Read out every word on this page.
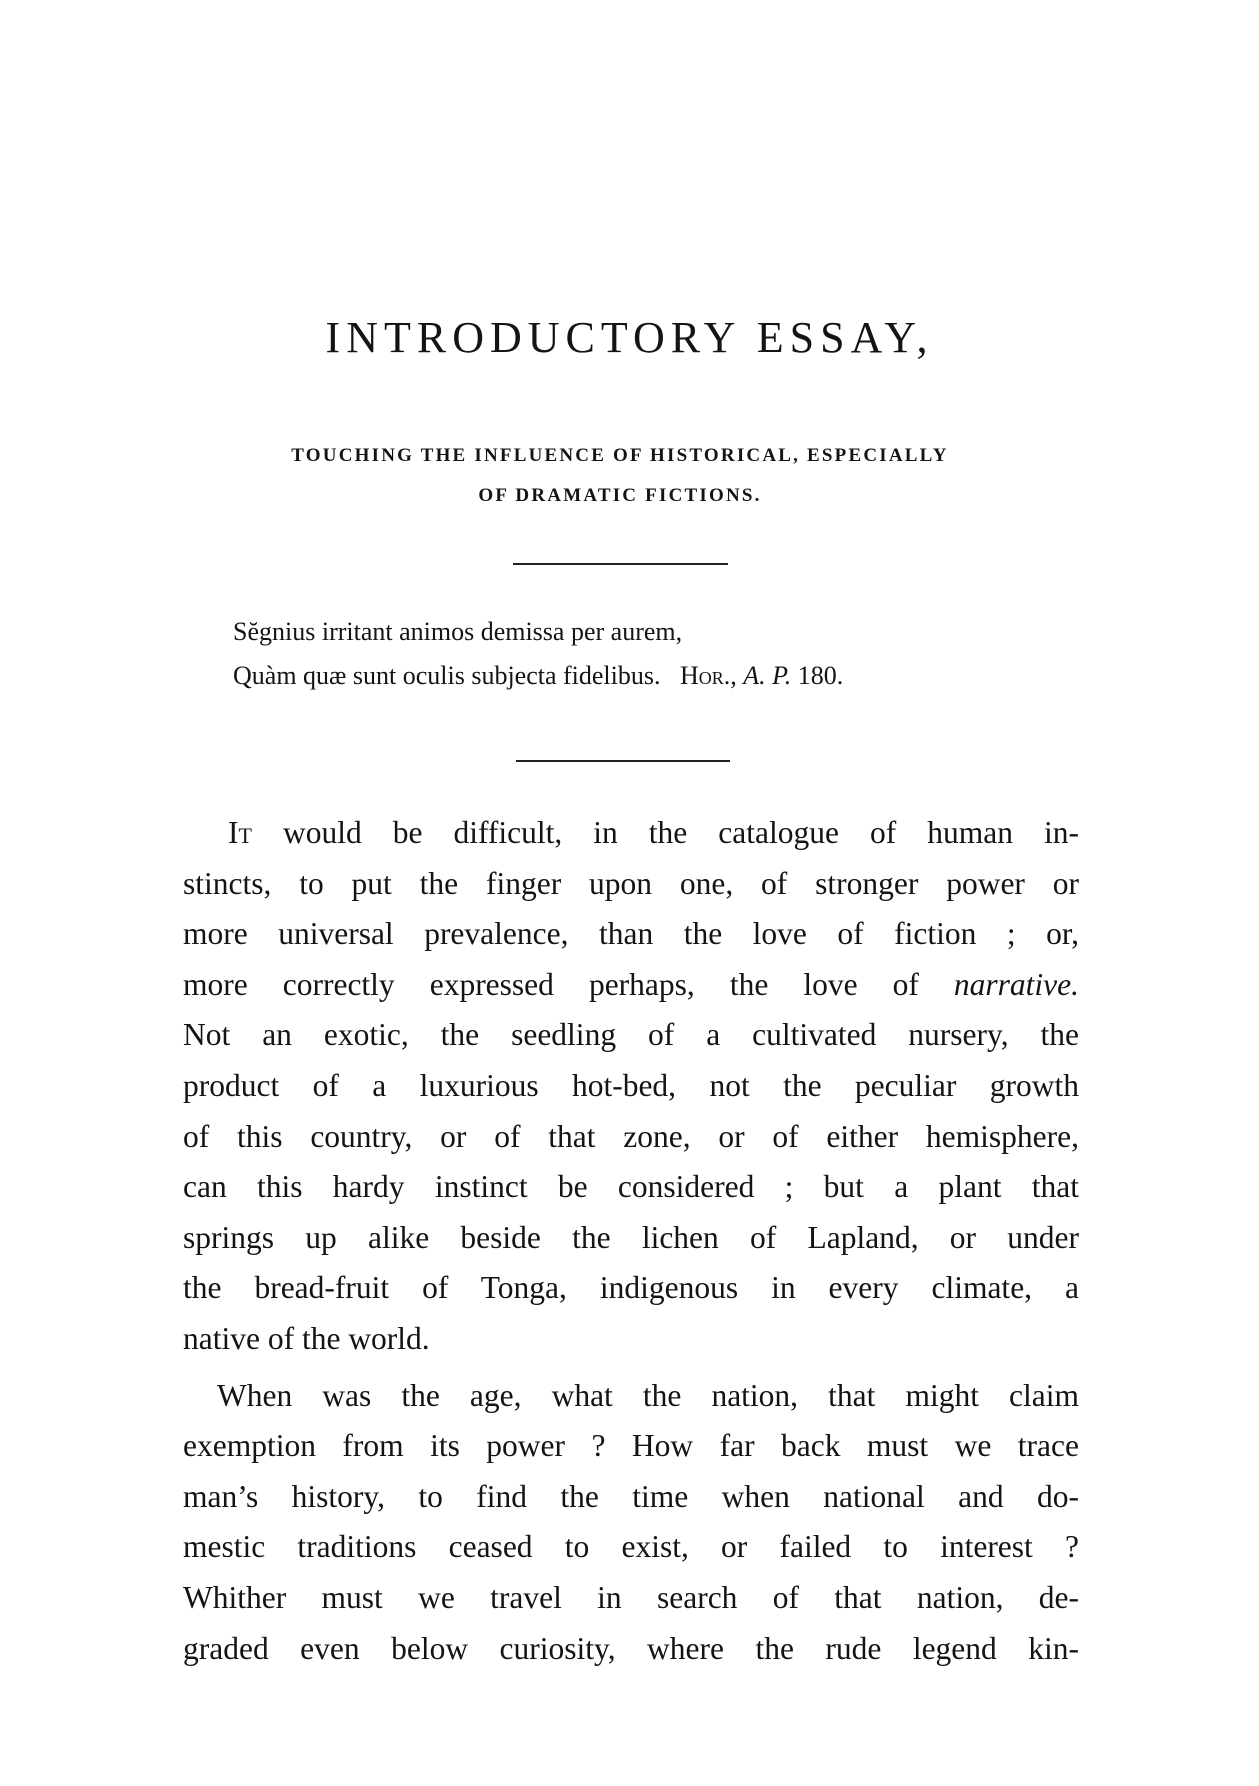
INTRODUCTORY ESSAY,

TOUCHING THE INFLUENCE OF HISTORICAL, ESPECIALLY
OF DRAMATIC FICTIONS.

Sĕgnius irritant animos demissa per aurem,
Quàm quæ sunt oculis subjecta fidelibus. Hor., A. P. 180.

It would be difficult, in the catalogue of human in-
stincts, to put the finger upon one, of stronger power or
more universal prevalence, than the love of fiction ; or,
more correctly expressed perhaps, the love of narrative.
Not an exotic, the seedling of a cultivated nursery, the
product of a luxurious hot-bed, not the peculiar growth
of this country, or of that zone, or of either hemisphere,
can this hardy instinct be considered ; but a plant that
springs up alike beside the lichen of Lapland, or under
the bread-fruit of Tonga, indigenous in every climate, a
native of the world.
When was the age, what the nation, that might claim
exemption from its power ? How far back must we trace
man’s history, to find the time when national and do-
mestic traditions ceased to exist, or failed to interest ?
Whither must we travel in search of that nation, de-
graded even below curiosity, where the rude legend kin-
